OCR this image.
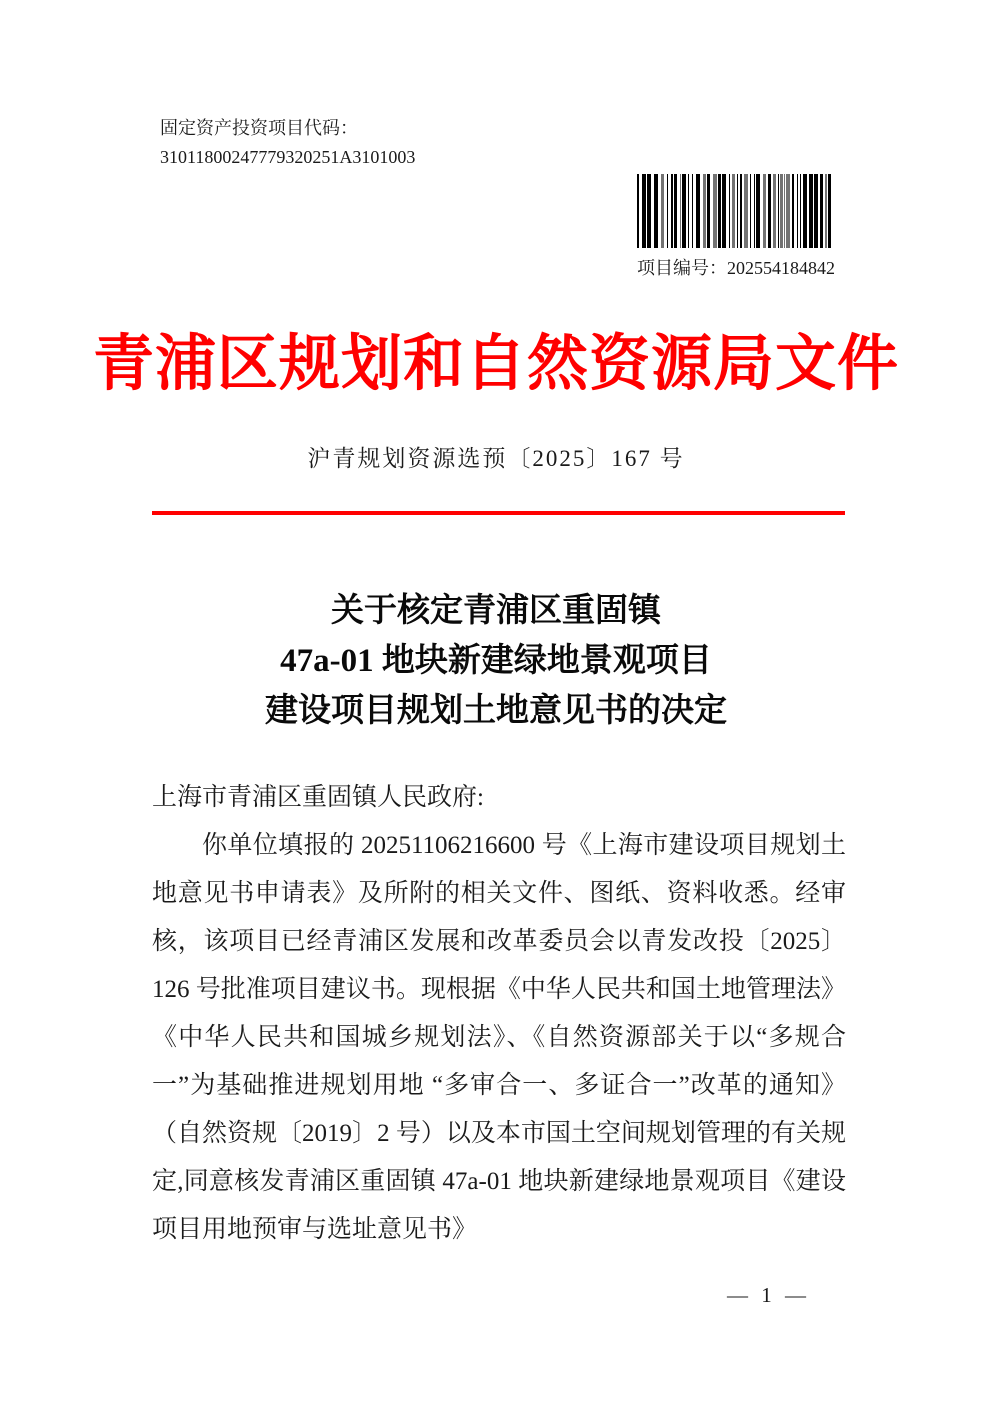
固定资产投资项目代码：
31011800247779320251A3101003
项目编号：202554184842
青浦区规划和自然资源局文件
沪青规划资源选预〔2025〕167 号
关于核定青浦区重固镇
47a-01 地块新建绿地景观项目
建设项目规划土地意见书的决定

上海市青浦区重固镇人民政府:

你单位填报的 20251106216600 号《上海市建设项目规划土地意见书申请表》及所附的相关文件、图纸、资料收悉。经审核，该项目已经青浦区发展和改革委员会以青发改投〔2025〕126 号批准项目建议书。现根据《中华人民共和国土地管理法》《中华人民共和国城乡规划法》、《自然资源部关于以“多规合一”为基础推进规划用地 “多审合一、多证合一”改革的通知》（自然资规〔2019〕2 号）以及本市国土空间规划管理的有关规定,同意核发青浦区重固镇 47a-01 地块新建绿地景观项目《建设项目用地预审与选址意见书》

— 1 —
